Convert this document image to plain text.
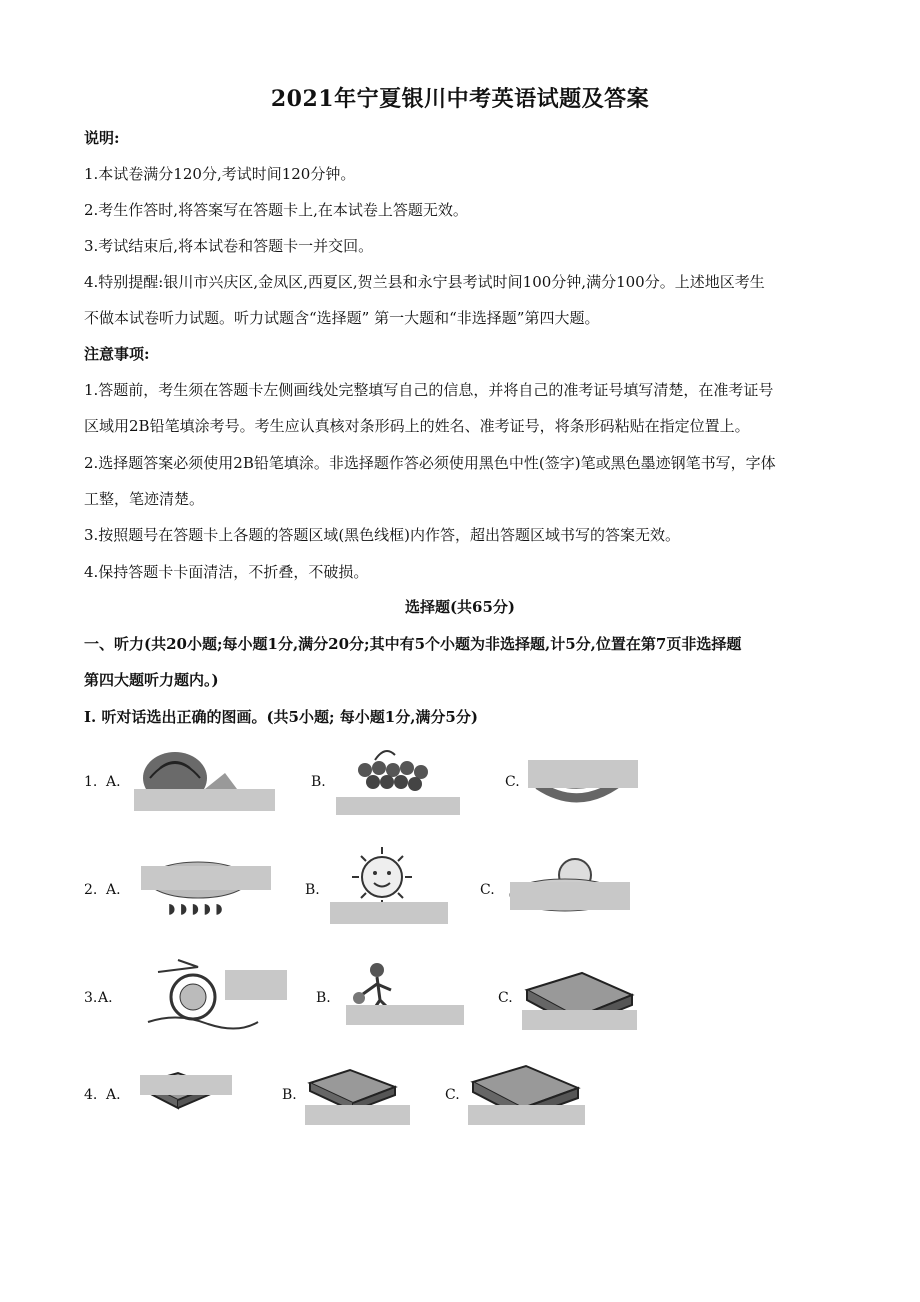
2021年宁夏银川中考英语试题及答案
说明:
1.本试卷满分120分,考试时间120分钟。
2.考生作答时,将答案写在答题卡上,在本试卷上答题无效。
3.考试结束后,将本试卷和答题卡一并交回。
4.特别提醒:银川市兴庆区,金凤区,西夏区,贺兰县和永宁县考试时间100分钟,满分100分。上述地区考生
不做本试卷听力试题。听力试题含“选择题” 第一大题和“非选择题”第四大题。
注意事项:
1.答题前，考生须在答题卡左侧画线处完整填写自己的信息，并将自己的准考证号填写清楚，在准考证号
区域用2B铅笔填涂考号。考生应认真核对条形码上的姓名、准考证号，将条形码粘贴在指定位置上。
2.选择题答案必须使用2B铅笔填涂。非选择题作答必须使用黑色中性(签字)笔或黑色墨迹钢笔书写，字体
工整，笔迹清楚。
3.按照题号在答题卡上各题的答题区域(黑色线框)内作答，超出答题区域书写的答案无效。
4.保持答题卡卡面清洁，不折叠，不破损。
选择题(共65分)
一、听力(共20小题;每小题1分,满分20分;其中有5个小题为非选择题,计5分,位置在第7页非选择题
第四大题听力题内。)
I. 听对话选出正确的图画。(共5小题; 每小题1分,满分5分)
1. A.	B.	C.
2. A.
◗ ◗ ◗ ◗ ◗
B.	C.
3. A.	B.	C.
4. A.	B.	C.
